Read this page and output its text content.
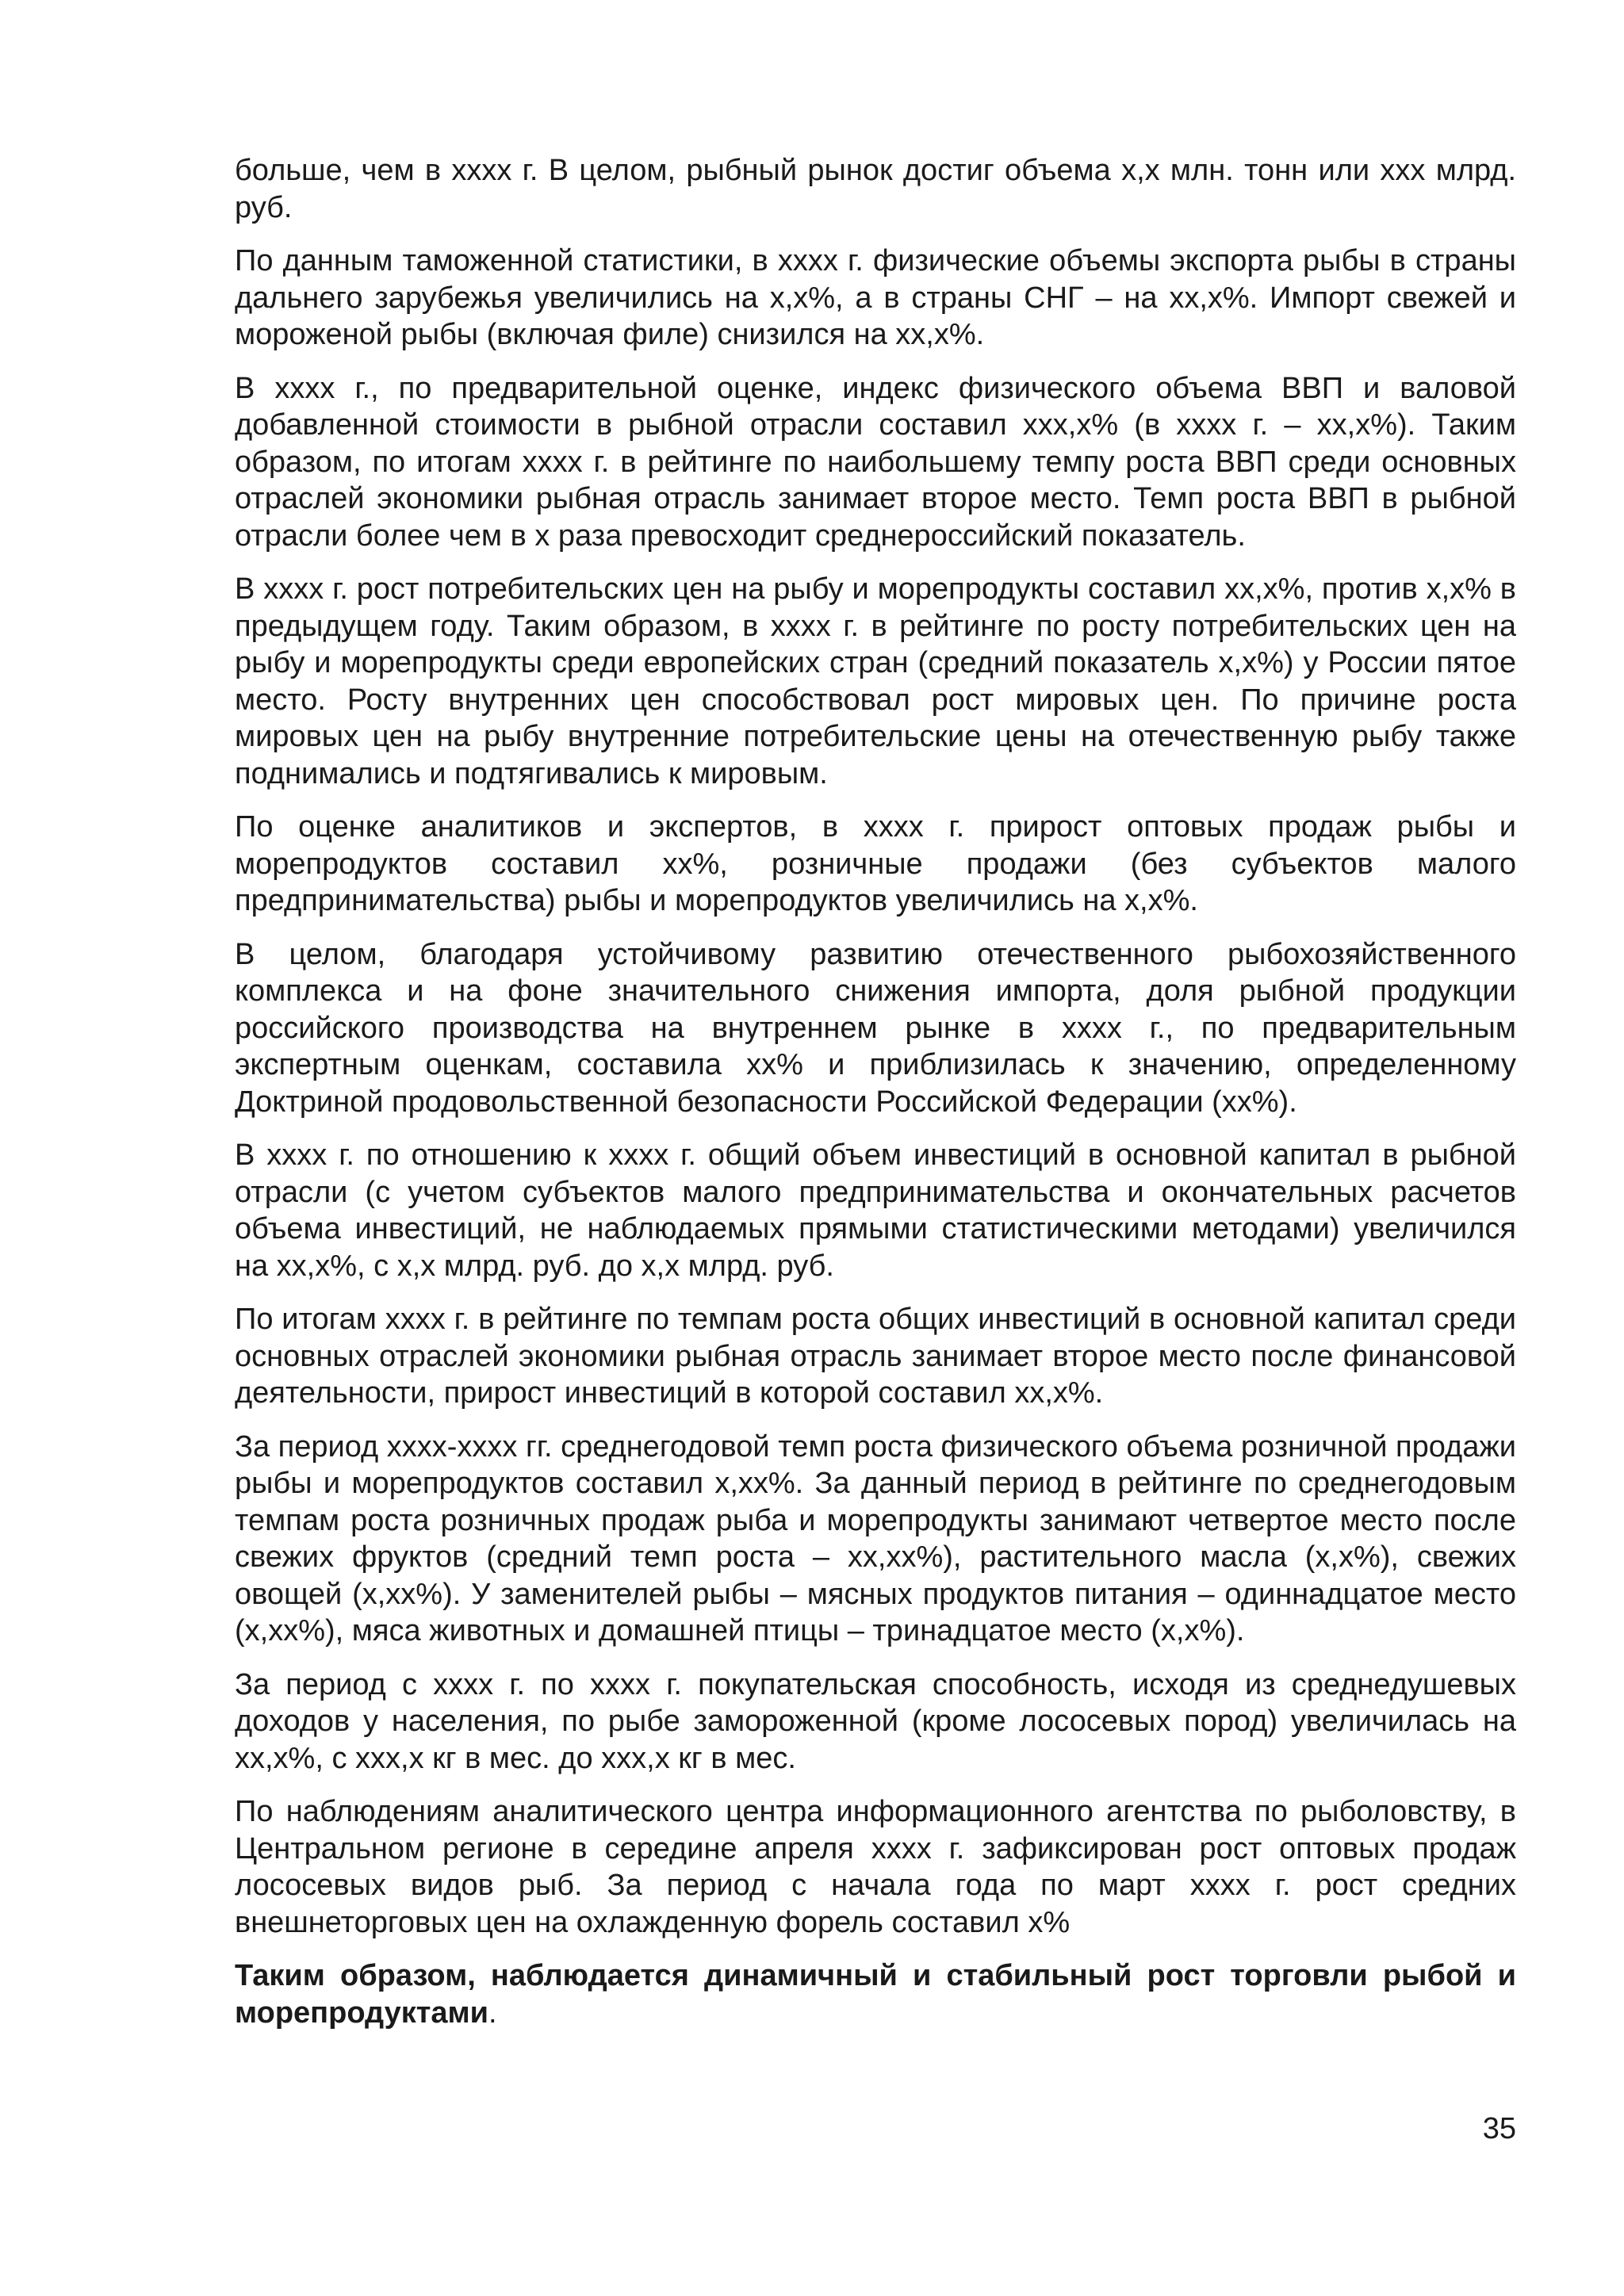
больше, чем в хххх г. В целом, рыбный рынок достиг объема х,х млн. тонн или ххх млрд. руб.

По данным таможенной статистики, в хххх г. физические объемы экспорта рыбы в страны дальнего зарубежья увеличились на х,х%, а в страны СНГ – на хх,х%. Импорт свежей и мороженой рыбы (включая филе) снизился на хх,х%.

В хххх г., по предварительной оценке, индекс физического объема ВВП и валовой добавленной стоимости в рыбной отрасли составил ххх,х% (в хххх г. – хх,х%). Таким образом, по итогам хххх г. в рейтинге по наибольшему темпу роста ВВП среди основных отраслей экономики рыбная отрасль занимает второе место. Темп роста ВВП в рыбной отрасли более чем в х раза превосходит среднероссийский показатель.

В хххх г. рост потребительских цен на рыбу и морепродукты составил хх,х%, против х,х% в предыдущем году. Таким образом, в хххх г. в рейтинге по росту потребительских цен на рыбу и морепродукты среди европейских стран (средний показатель х,х%) у России пятое место. Росту внутренних цен способствовал рост мировых цен. По причине роста мировых цен на рыбу внутренние потребительские цены на отечественную рыбу также поднимались и подтягивались к мировым.

По оценке аналитиков и экспертов, в хххх г. прирост оптовых продаж рыбы и морепродуктов составил хх%, розничные продажи (без субъектов малого предпринимательства) рыбы и морепродуктов увеличились на х,х%.

В целом, благодаря устойчивому развитию отечественного рыбохозяйственного комплекса и на фоне значительного снижения импорта, доля рыбной продукции российского производства на внутреннем рынке в хххх г., по предварительным экспертным оценкам, составила хх% и приблизилась к значению, определенному Доктриной продовольственной безопасности Российской Федерации (хх%).

В хххх г. по отношению к хххх г. общий объем инвестиций в основной капитал в рыбной отрасли (с учетом субъектов малого предпринимательства и окончательных расчетов объема инвестиций, не наблюдаемых прямыми статистическими методами) увеличился на хх,х%, с х,х млрд. руб. до х,х млрд. руб.

По итогам хххх г. в рейтинге по темпам роста общих инвестиций в основной капитал среди основных отраслей экономики рыбная отрасль занимает второе место после финансовой деятельности, прирост инвестиций в которой составил хх,х%.

За период хххх-хххх гг. среднегодовой темп роста физического объема розничной продажи рыбы и морепродуктов составил х,хх%. За данный период в рейтинге по среднегодовым темпам роста розничных продаж рыба и морепродукты занимают четвертое место после свежих фруктов (средний темп роста – хх,хх%), растительного масла (х,х%), свежих овощей (х,хх%). У заменителей рыбы – мясных продуктов питания – одиннадцатое место (х,хх%), мяса животных и домашней птицы – тринадцатое место (х,х%).

За период с хххх г. по хххх г. покупательская способность, исходя из среднедушевых доходов у населения, по рыбе замороженной (кроме лососевых пород) увеличилась на хх,х%, с ххх,х кг в мес. до ххх,х кг в мес.

По наблюдениям аналитического центра информационного агентства по рыболовству, в Центральном регионе в середине апреля хххх г. зафиксирован рост оптовых продаж лососевых видов рыб. За период с начала года по март хххх г. рост средних внешнеторговых цен на охлажденную форель составил х%

Таким образом, наблюдается динамичный и стабильный рост торговли рыбой и морепродуктами.

35
